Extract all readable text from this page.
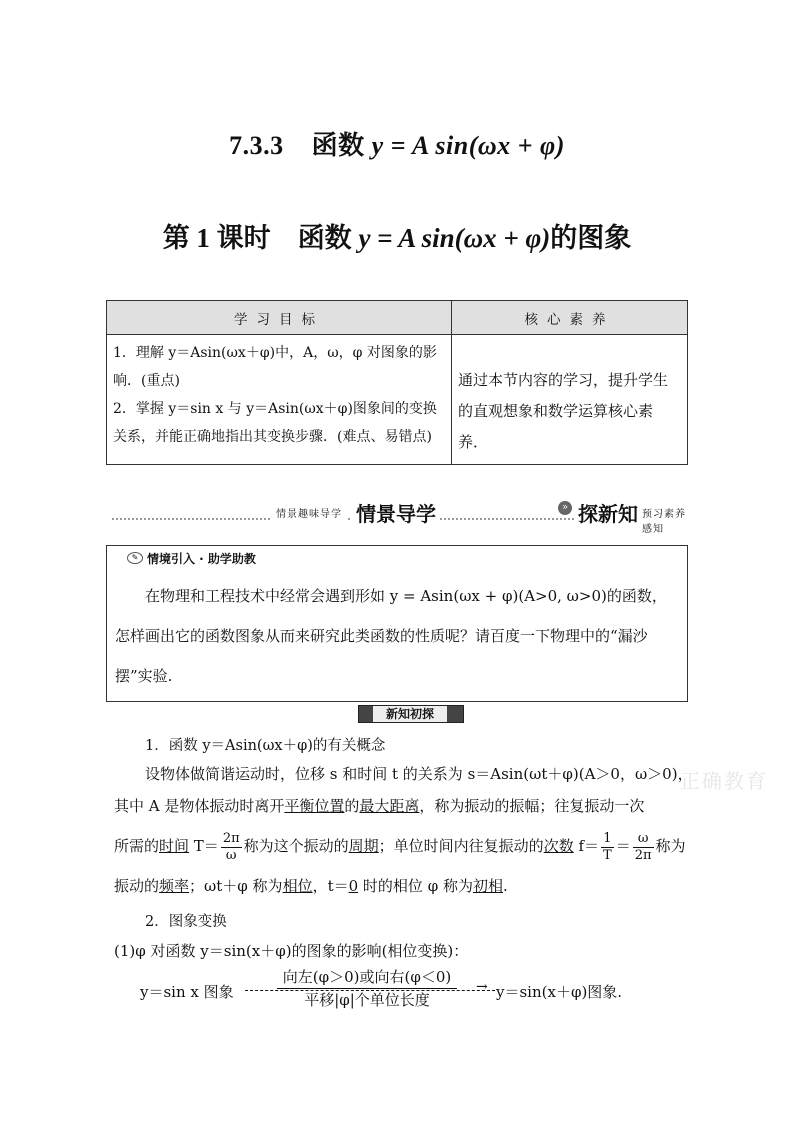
7.3.3 函数 y = A sin(ωx + φ)
第 1 课时 函数 y = A sin(ωx + φ)的图象
学习目标	核心素养

1．理解 y＝Asin(ωx＋φ)中，A，ω，φ 对图象的影响．(重点)
2．掌握 y＝sin x 与 y＝Asin(ωx＋φ)图象间的变换关系，并能正确地指出其变换步骤．(难点、易错点)	通过本节内容的学习，提升学生的直观想象和数学运算核心素养．
情景趣味导学 情景导学	» 探新知 预习素养感知
✎ 情境引入 · 助学助教
在物理和工程技术中经常会遇到形如 y = Asin(ωx + φ)(A>0, ω>0)的函数，怎样画出它的函数图象从而来研究此类函数的性质呢？请百度一下物理中的“漏沙摆”实验.
新知初探
1．函数 y＝Asin(ωx＋φ)的有关概念
设物体做简谐运动时，位移 s 和时间 t 的关系为 s＝Asin(ωt＋φ)(A＞0，ω＞0)，
其中 A 是物体振动时离开平衡位置的最大距离，称为振动的振幅；往复振动一次
所需的时间 $T= \frac{2\pi}{\omega}$ 称为这个振动的周期；单位时间内往复振动的次数 $f= \frac{1}{T} = \frac{\omega}{2\pi}$ 称为
振动的频率；ωt＋φ 称为相位，t＝0 时的相位 φ 称为初相.
2．图象变换
(1)φ 对函数 y＝sin(x＋φ)的图象的影响(相位变换)：
y＝sin x 图象	→
向左(φ＞0)或向右(φ＜0)
平移|φ|个单位长度	y＝sin(x＋φ)图象.
正确教育
